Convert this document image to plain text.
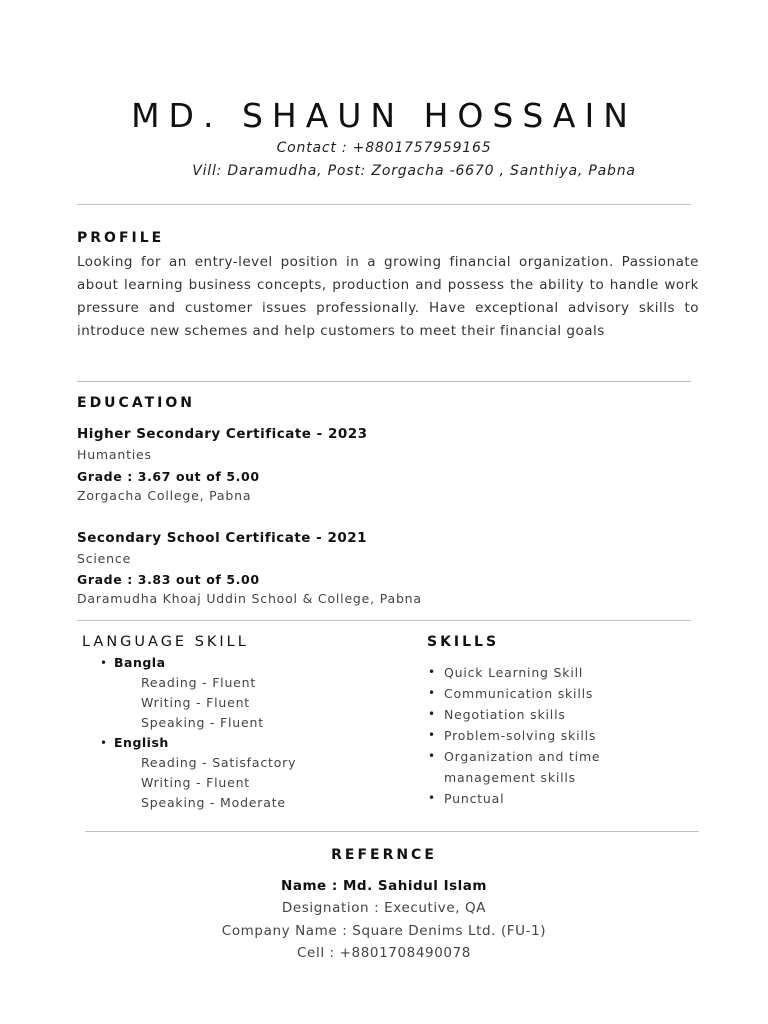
MD. SHAUN HOSSAIN
Contact : +8801757959165
Vill: Daramudha, Post: Zorgacha -6670 , Santhiya, Pabna
PROFILE
Looking for an entry-level position in a growing financial organization. Passionate about learning business concepts, production and possess the ability to handle work pressure and customer issues professionally. Have exceptional advisory skills to introduce new schemes and help customers to meet their financial goals
EDUCATION
Higher Secondary Certificate - 2023
Humanties
Grade : 3.67 out of 5.00
Zorgacha College, Pabna
Secondary School Certificate - 2021
Science
Grade : 3.83 out of 5.00
Daramudha Khoaj Uddin School & College, Pabna
LANGUAGE SKILL
• Bangla
Reading - Fluent
Writing - Fluent
Speaking - Fluent
• English
Reading - Satisfactory
Writing - Fluent
Speaking - Moderate
SKILLS
• Quick Learning Skill
• Communication skills
• Negotiation skills
• Problem-solving skills
• Organization and time
management skills
• Punctual
REFERNCE
Name : Md. Sahidul Islam
Designation : Executive, QA
Company Name : Square Denims Ltd. (FU-1)
Cell : +8801708490078
